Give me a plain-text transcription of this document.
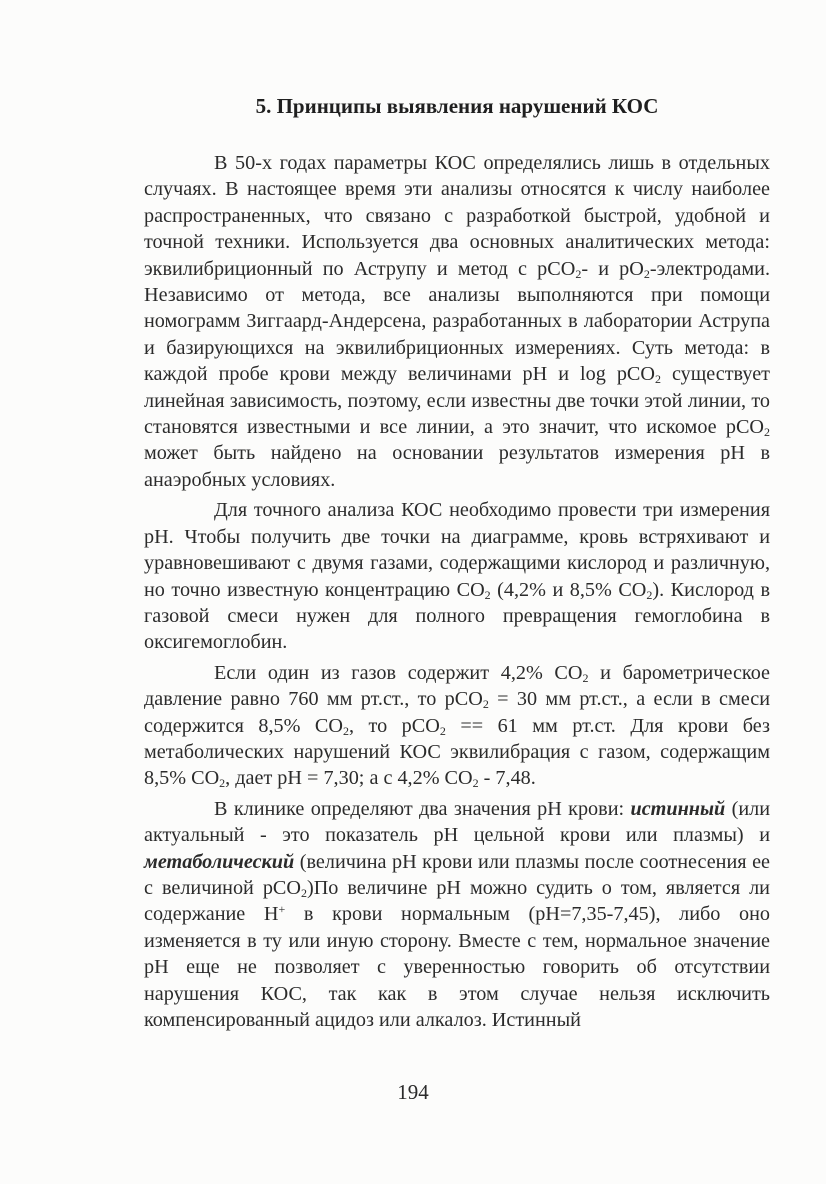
5. Принципы выявления нарушений КОС

В 50-х годах параметры КОС определялись лишь в отдельных случаях. В настоящее время эти анализы относятся к числу наиболее распространенных, что связано с разработкой быстрой, удобной и точной техники. Используется два основных аналитических метода: эквилибриционный по Аструпу и метод с pCO$_2$- и $pO_2$-электродами. Независимо от метода, все анализы выполняются при помощи номограмм Зиггаард-Андерсена, разработанных в лаборатории Аструпа и базирующихся на эквилибриционных измерениях. Суть метода: в каждой пробе крови между величинами pH и log pCO$_2$ существует линейная зависимость, поэтому, если известны две точки этой линии, то становятся известными и все линии, а это значит, что искомое pCO$_2$ может быть найдено на основании результатов измерения pH в анаэробных условиях.

Для точного анализа КОС необходимо провести три измерения pH. Чтобы получить две точки на диаграмме, кровь встряхивают и уравновешивают с двумя газами, содержащими кислород и различную, но точно известную концентрацию $CO_2$ (4,2% и 8,5% $CO_2$). Кислород в газовой смеси нужен для полного превращения гемоглобина в оксигемоглобин.

Если один из газов содержит 4,2% $CO_2$ и барометрическое давление равно 760 мм рт.ст., то pCO$_2$ = 30 мм рт.ст., а если в смеси содержится 8,5% $CO_2$, то pCO$_2$ == 61 мм рт.ст. Для крови без метаболических нарушений КОС эквилибрация с газом, содержащим 8,5% $CO_2$, дает pH = 7,30; а с 4,2% $CO_2 - 7,48$.

В клинике определяют два значения pH крови: истинный (или актуальный - это показатель pH цельной крови или плазмы) и метаболический (величина pH крови или плазмы после соотнесения ее с величиной pCO$_2$)По величине pH можно судить о том, является ли содержание H+ в крови нормальным (pH=7,35-7,45), либо оно изменяется в ту или иную сторону. Вместе с тем, нормальное значение pH еще не позволяет с уверенностью говорить об отсутствии нарушения КОС, так как в этом случае нельзя исключить компенсированный ацидоз или алкалоз. Истинный

194
